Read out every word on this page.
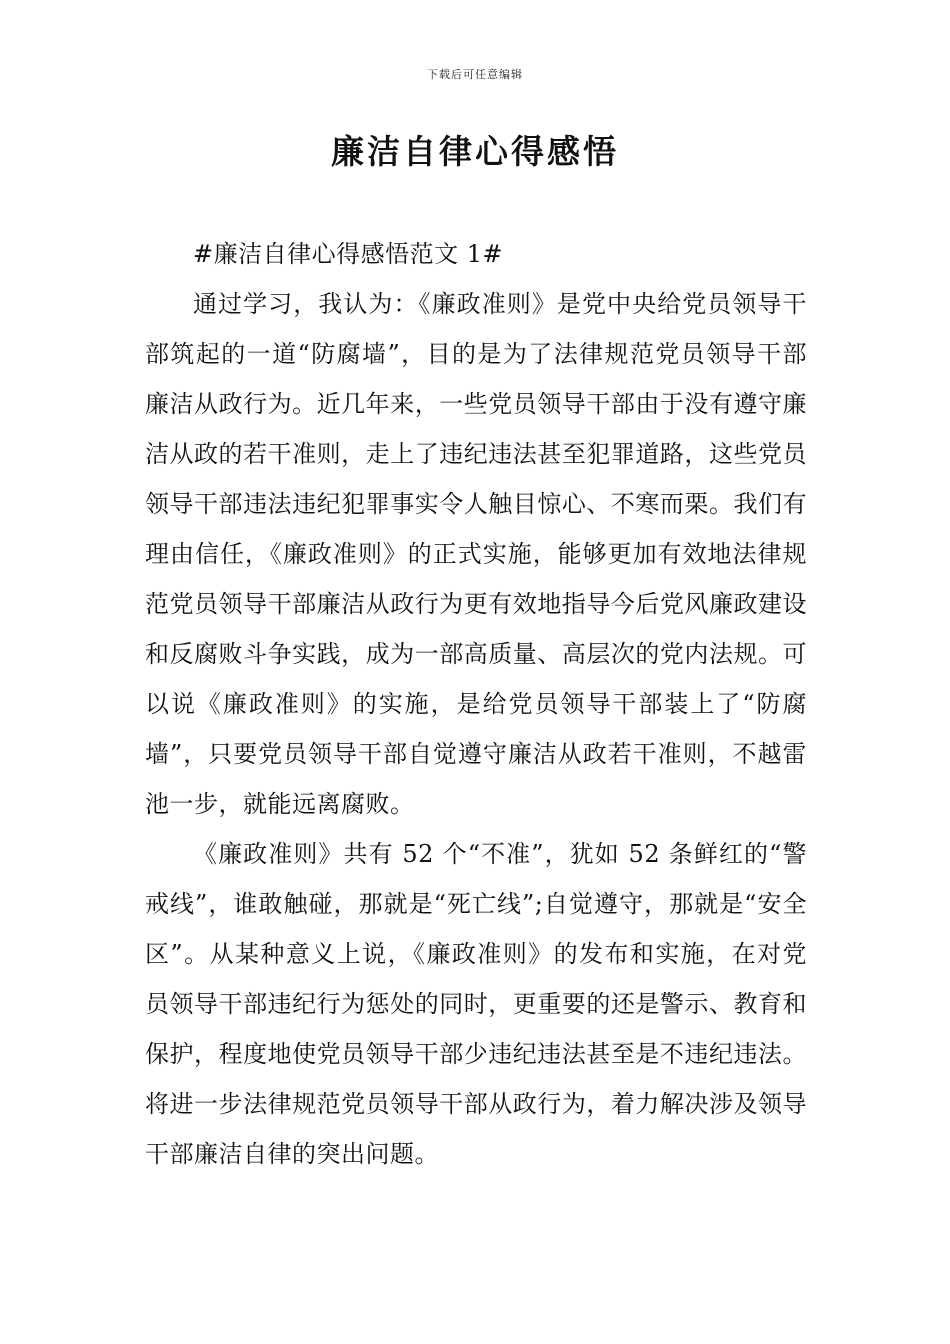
下载后可任意编辑
廉洁自律心得感悟
#廉洁自律心得感悟范文 1#

通过学习，我认为：《廉政准则》是党中央给党员领导干部筑起的一道“防腐墙”，目的是为了法律规范党员领导干部廉洁从政行为。近几年来，一些党员领导干部由于没有遵守廉洁从政的若干准则，走上了违纪违法甚至犯罪道路，这些党员领导干部违法违纪犯罪事实令人触目惊心、不寒而栗。我们有理由信任，《廉政准则》的正式实施，能够更加有效地法律规范党员领导干部廉洁从政行为更有效地指导今后党风廉政建设和反腐败斗争实践，成为一部高质量、高层次的党内法规。可以说《廉政准则》的实施，是给党员领导干部装上了“防腐墙”，只要党员领导干部自觉遵守廉洁从政若干准则，不越雷池一步，就能远离腐败。

《廉政准则》共有 52 个“不准”，犹如 52 条鲜红的“警戒线”，谁敢触碰，那就是“死亡线”;自觉遵守，那就是“安全区”。从某种意义上说，《廉政准则》的发布和实施，在对党员领导干部违纪行为惩处的同时，更重要的还是警示、教育和保护，程度地使党员领导干部少违纪违法甚至是不违纪违法。将进一步法律规范党员领导干部从政行为，着力解决涉及领导干部廉洁自律的突出问题。
